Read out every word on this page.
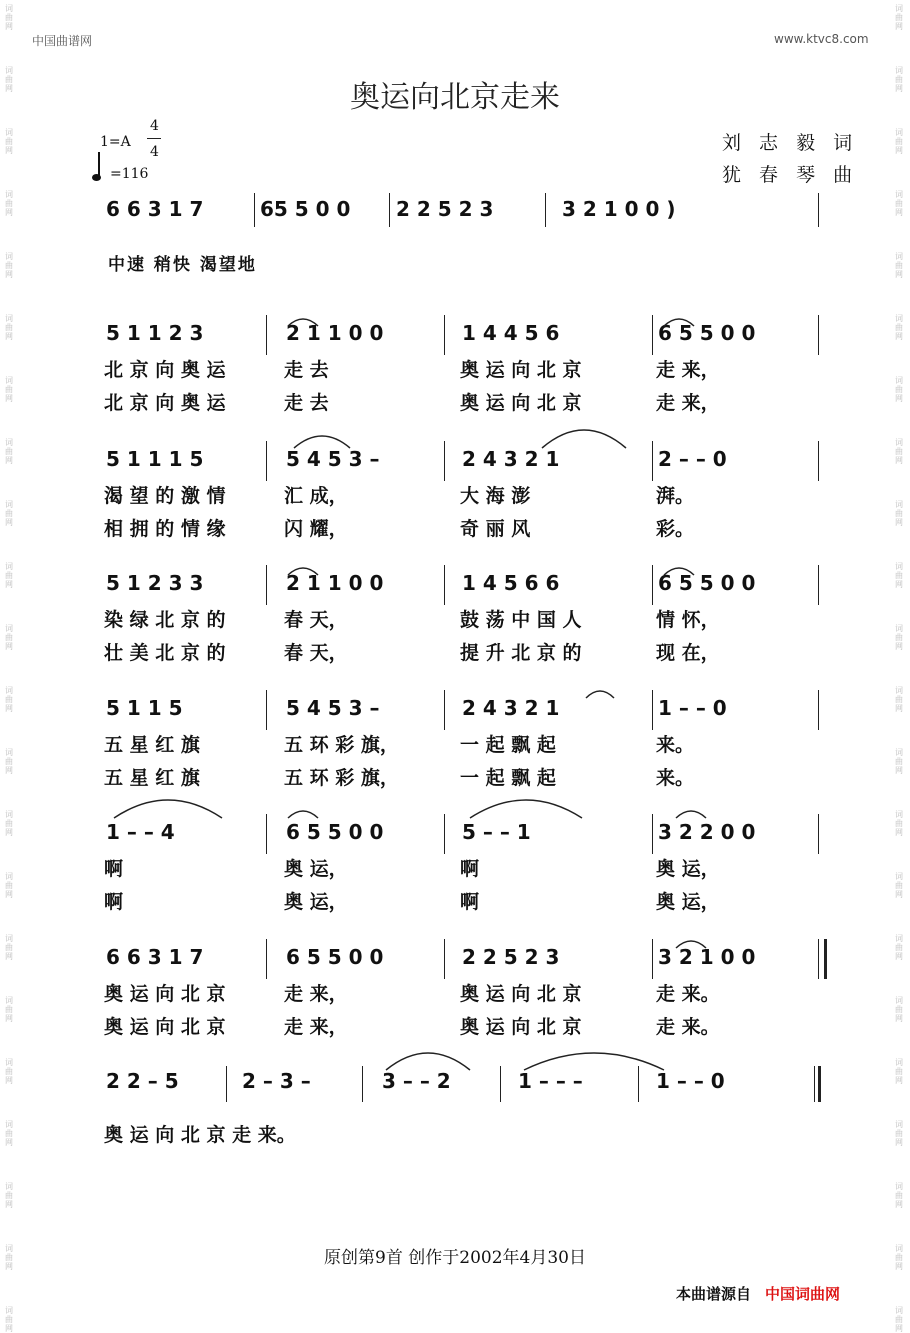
词
曲
网
词
曲
网
词
曲
网
词
曲
网
词
曲
网
词
曲
网
词
曲
网
词
曲
网
词
曲
网
词
曲
网
词
曲
网
词
曲
网
词
曲
网
词
曲
网
词
曲
网
词
曲
网
词
曲
网
词
曲
网
词
曲
网
词
曲
网
词
曲
网
词
曲
网
词
曲
网
词
曲
网
词
曲
网
词
曲
网
词
曲
网
词
曲
网
词
曲
网
词
曲
网
词
曲
网
词
曲
网
词
曲
网
词
曲
网
词
曲
网
词
曲
网
词
曲
网
词
曲
网
词
曲
网
词
曲
网
词
曲
网
词
曲
网
词
曲
网
词
曲
网
中国曲谱网	www.ktvc8.com
奥运向北京走来
1=A
4
4
=116
刘 志 毅 词
犹 春 琴 曲
6 6 3 1 7	65 5 0 0 2 2 5 2 3	3 2 1 0 0 )
中速 稍快 渴望地
5 1 1 2 3
北 京 向 奥 运
北 京 向 奥 运
2 1 1 0 0
走 去
走 去
1 4 4 5 6
奥 运 向 北 京
奥 运 向 北 京
6 5 5 0 0
走 来，
走 来，
5 1 1 1 5
渴 望 的 激 情
相 拥 的 情 缘
5 4 5 3 –
汇 成，
闪 耀，
2 4 3 2 1
大 海 澎
奇 丽 风
2 – – 0
湃。
彩。
5 1 2 3 3
染 绿 北 京 的
壮 美 北 京 的
2 1 1 0 0
春 天，
春 天，
1 4 5 6 6
鼓 荡 中 国 人
提 升 北 京 的
6 5 5 0 0
情 怀，
现 在，
5 1 1 5
五 星 红 旗
五 星 红 旗
5 4 5 3 –
五 环 彩 旗，
五 环 彩 旗，
2 4 3 2 1
一 起 飘 起
一 起 飘 起
1 – – 0
来。
来。
1 – – 4
啊
啊
6 5 5 0 0
奥 运，
奥 运，
5 – – 1
啊
啊
3 2 2 0 0
奥 运，
奥 运，
6 6 3 1 7
奥 运 向 北 京
奥 运 向 北 京
6 5 5 0 0
走 来，
走 来，
2 2 5 2 3
奥 运 向 北 京
奥 运 向 北 京
3 2 1 0 0
走 来。
走 来。
2 2 – 5	2 – 3 –	3 – – 2	1 – – –	1 – – 0
奥 运 向 北 京 走 来。
原创第9首 创作于2002年4月30日
本曲谱源自 中国词曲网
